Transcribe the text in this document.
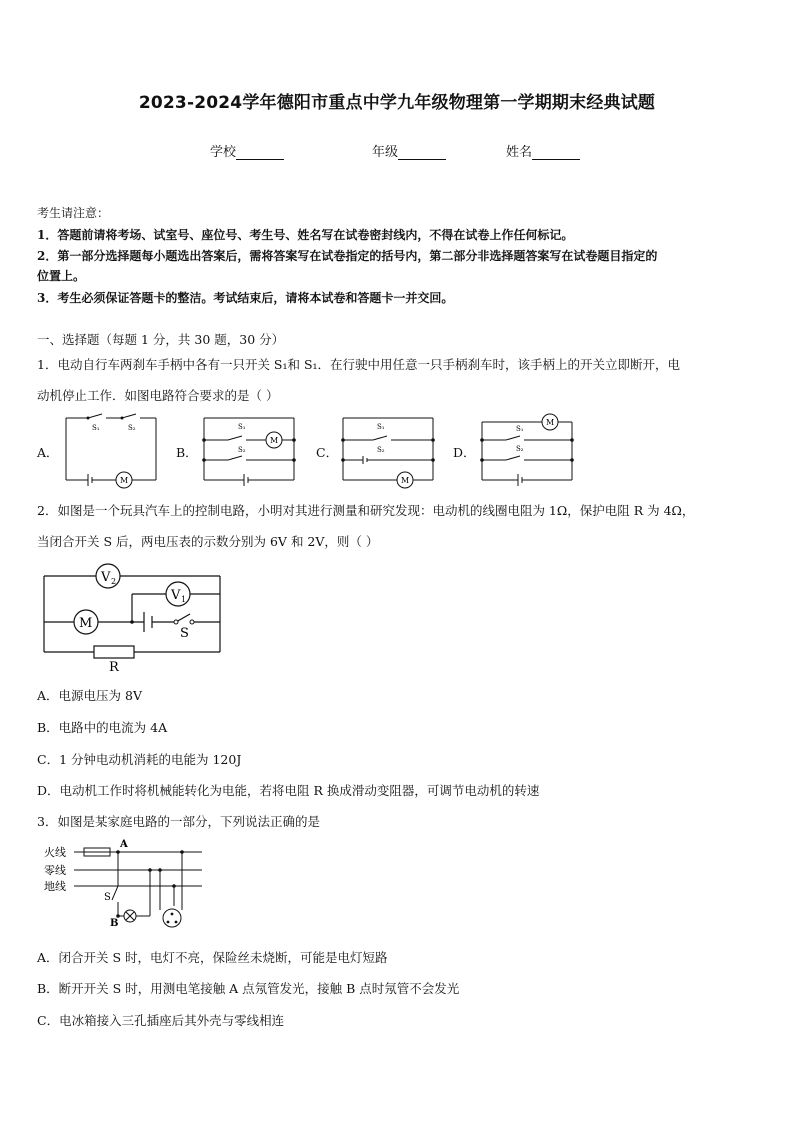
2023-2024学年德阳市重点中学九年级物理第一学期期末经典试题
学校	年级	姓名
考生请注意：
1．答题前请将考场、试室号、座位号、考生号、姓名写在试卷密封线内，不得在试卷上作任何标记。
2．第一部分选择题每小题选出答案后，需将答案写在试卷指定的括号内，第二部分非选择题答案写在试卷题目指定的
位置上。
3．考生必须保证答题卡的整洁。考试结束后，请将本试卷和答题卡一并交回。
一、选择题（每题 1 分，共 30 题，30 分）
1．电动自行车两刹车手柄中各有一只开关 S₁和 S₁．在行驶中用任意一只手柄刹车时，该手柄上的开关立即断开，电
动机停止工作．如图电路符合要求的是（ ）
A．	B．	C．	D．
S₁	S₂
M
S₁
S₂
M
S₁
S₂
M
S₁
S₂
M
2．如图是一个玩具汽车上的控制电路，小明对其进行测量和研究发现：电动机的线圈电阻为 1Ω，保护电阻 R 为 4Ω，
当闭合开关 S 后，两电压表的示数分别为 6V 和 2V，则（ ）
V 2
V 1
M
S
R
A．电源电压为 8V
B．电路中的电流为 4A
C．1 分钟电动机消耗的电能为 120J
D．电动机工作时将机械能转化为电能，若将电阻 R 换成滑动变阻器，可调节电动机的转速
3．如图是某家庭电路的一部分，下列说法正确的是
火线
零线
地线
A
B
S
A．闭合开关 S 时，电灯不亮，保险丝未烧断，可能是电灯短路
B．断开开关 S 时，用测电笔接触 A 点氖管发光，接触 B 点时氖管不会发光
C．电冰箱接入三孔插座后其外壳与零线相连
